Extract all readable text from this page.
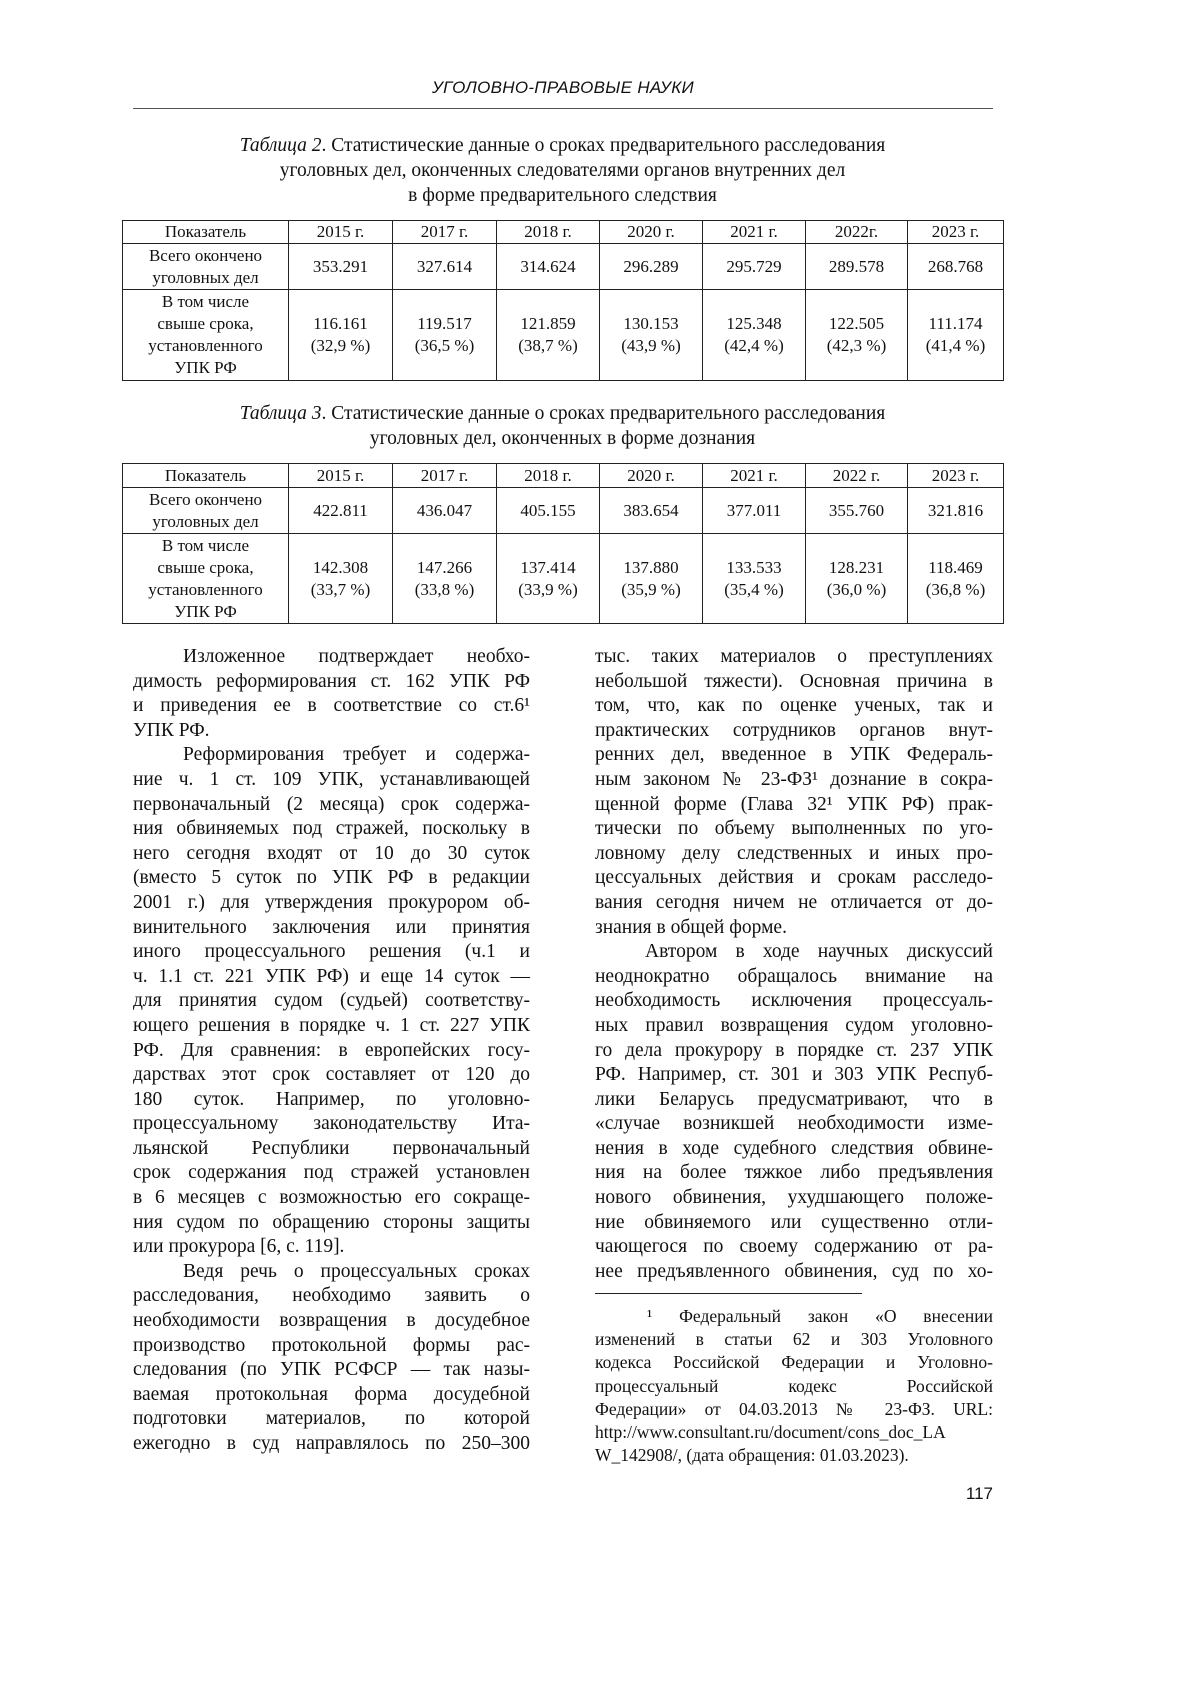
УГОЛОВНО-ПРАВОВЫЕ НАУКИ
Таблица 2. Статистические данные о сроках предварительного расследования
уголовных дел, оконченных следователями органов внутренних дел
в форме предварительного следствия
Показатель	2015 г.	2017 г.	2018 г.	2020 г.	2021 г.	2022г.	2023 г.
Всего окончено
уголовных дел	353.291	327.614	314.624	296.289	295.729	289.578	268.768
В том числе
свыше срока,
установленного
УПК РФ	116.161
(32,9 %)	119.517
(36,5 %)	121.859
(38,7 %)	130.153
(43,9 %)	125.348
(42,4 %)	122.505
(42,3 %)	111.174
(41,4 %)
Таблица 3. Статистические данные о сроках предварительного расследования
уголовных дел, оконченных в форме дознания
Показатель	2015 г.	2017 г.	2018 г.	2020 г.	2021 г.	2022 г.	2023 г.
Всего окончено
уголовных дел	422.811	436.047	405.155	383.654	377.011	355.760	321.816
В том числе
свыше срока,
установленного
УПК РФ	142.308
(33,7 %)	147.266
(33,8 %)	137.414
(33,9 %)	137.880
(35,9 %)	133.533
(35,4 %)	128.231
(36,0 %)	118.469
(36,8 %)
Изложенное подтверждает необхо-
димость реформирования ст. 162 УПК РФ
и приведения ее в соответствие со ст.6¹
УПК РФ.
Реформирования требует и содержа-
ние ч. 1 ст. 109 УПК, устанавливающей
первоначальный (2 месяца) срок содержа-
ния обвиняемых под стражей, поскольку в
него сегодня входят от 10 до 30 суток
(вместо 5 суток по УПК РФ в редакции
2001 г.) для утверждения прокурором об-
винительного заключения или принятия
иного процессуального решения (ч.1 и
ч. 1.1 ст. 221 УПК РФ) и еще 14 суток —
для принятия судом (судьей) соответству-
ющего решения в порядке ч. 1 ст. 227 УПК
РФ. Для сравнения: в европейских госу-
дарствах этот срок составляет от 120 до
180 суток. Например, по уголовно-
процессуальному законодательству Ита-
льянской Республики первоначальный
срок содержания под стражей установлен
в 6 месяцев с возможностью его сокраще-
ния судом по обращению стороны защиты
или прокурора [6, с. 119].
Ведя речь о процессуальных сроках
расследования, необходимо заявить о
необходимости возвращения в досудебное
производство протокольной формы рас-
следования (по УПК РСФСР — так назы-
ваемая протокольная форма досудебной
подготовки материалов, по которой
ежегодно в суд направлялось по 250–300
тыс. таких материалов о преступлениях
небольшой тяжести). Основная причина в
том, что, как по оценке ученых, так и
практических сотрудников органов внут-
ренних дел, введенное в УПК Федераль-
ным законом № 23-ФЗ¹ дознание в сокра-
щенной форме (Глава 32¹ УПК РФ) прак-
тически по объему выполненных по уго-
ловному делу следственных и иных про-
цессуальных действия и срокам расследо-
вания сегодня ничем не отличается от до-
знания в общей форме.
Автором в ходе научных дискуссий
неоднократно обращалось внимание на
необходимость исключения процессуаль-
ных правил возвращения судом уголовно-
го дела прокурору в порядке ст. 237 УПК
РФ. Например, ст. 301 и 303 УПК Респуб-
лики Беларусь предусматривают, что в
«случае возникшей необходимости изме-
нения в ходе судебного следствия обвине-
ния на более тяжкое либо предъявления
нового обвинения, ухудшающего положе-
ние обвиняемого или существенно отли-
чающегося по своему содержанию от ра-
нее предъявленного обвинения, суд по хо-
¹ Федеральный закон «О внесении
изменений в статьи 62 и 303 Уголовного
кодекса Российской Федерации и Уголовно-
процессуальный кодекс Российской
Федерации» от 04.03.2013 № 23-ФЗ. URL:
http://www.consultant.ru/document/cons_doc_LA
W_142908/, (дата обращения: 01.03.2023).
117
